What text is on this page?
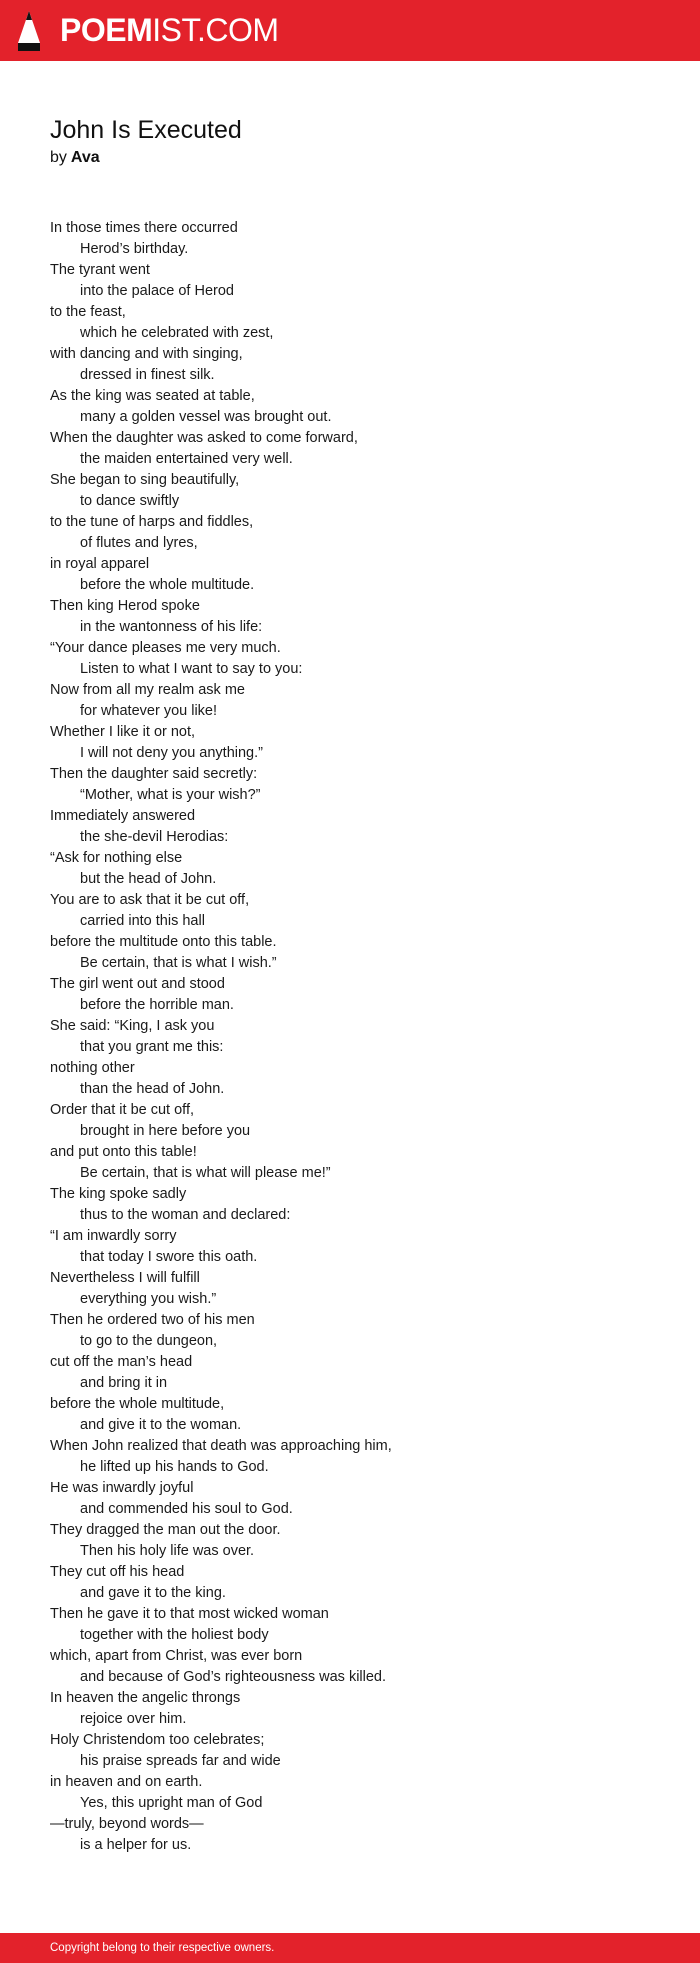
POEMIST.COM
John Is Executed
by Ava
In those times there occurred
Herod’s birthday.
The tyrant went
into the palace of Herod
to the feast,
which he celebrated with zest,
with dancing and with singing,
dressed in finest silk.
As the king was seated at table,
many a golden vessel was brought out.
When the daughter was asked to come forward,
the maiden entertained very well.
She began to sing beautifully,
to dance swiftly
to the tune of harps and fiddles,
of flutes and lyres,
in royal apparel
before the whole multitude.
Then king Herod spoke
in the wantonness of his life:
“Your dance pleases me very much.
Listen to what I want to say to you:
Now from all my realm ask me
for whatever you like!
Whether I like it or not,
I will not deny you anything.”
Then the daughter said secretly:
“Mother, what is your wish?”
Immediately answered
the she-devil Herodias:
“Ask for nothing else
but the head of John.
You are to ask that it be cut off,
carried into this hall
before the multitude onto this table.
Be certain, that is what I wish.”
The girl went out and stood
before the horrible man.
She said: “King, I ask you
that you grant me this:
nothing other
than the head of John.
Order that it be cut off,
brought in here before you
and put onto this table!
Be certain, that is what will please me!”
The king spoke sadly
thus to the woman and declared:
“I am inwardly sorry
that today I swore this oath.
Nevertheless I will fulfill
everything you wish.”
Then he ordered two of his men
to go to the dungeon,
cut off the man’s head
and bring it in
before the whole multitude,
and give it to the woman.
When John realized that death was approaching him,
he lifted up his hands to God.
He was inwardly joyful
and commended his soul to God.
They dragged the man out the door.
Then his holy life was over.
They cut off his head
and gave it to the king.
Then he gave it to that most wicked woman
together with the holiest body
which, apart from Christ, was ever born
and because of God’s righteousness was killed.
In heaven the angelic throngs
rejoice over him.
Holy Christendom too celebrates;
his praise spreads far and wide
in heaven and on earth.
Yes, this upright man of God
—truly, beyond words—
is a helper for us.
Copyright belong to their respective owners.
